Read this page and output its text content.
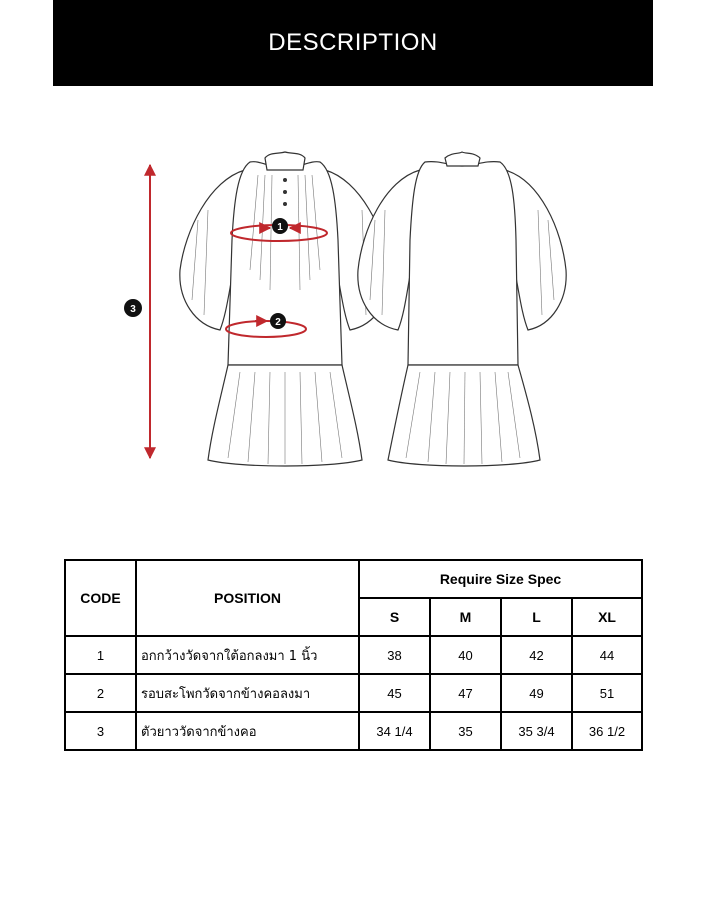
DESCRIPTION
1
2
3
CODE	POSITION	Require Size Spec			
		S	M	L	XL
1	อกกว้างวัดจากใต้อกลงมา 1 นิ้ว	38	40	42	44
2	รอบสะโพกวัดจากข้างคอลงมา	45	47	49	51
3	ตัวยาววัดจากข้างคอ	34 1/4	35	35 3/4	36 1/2
